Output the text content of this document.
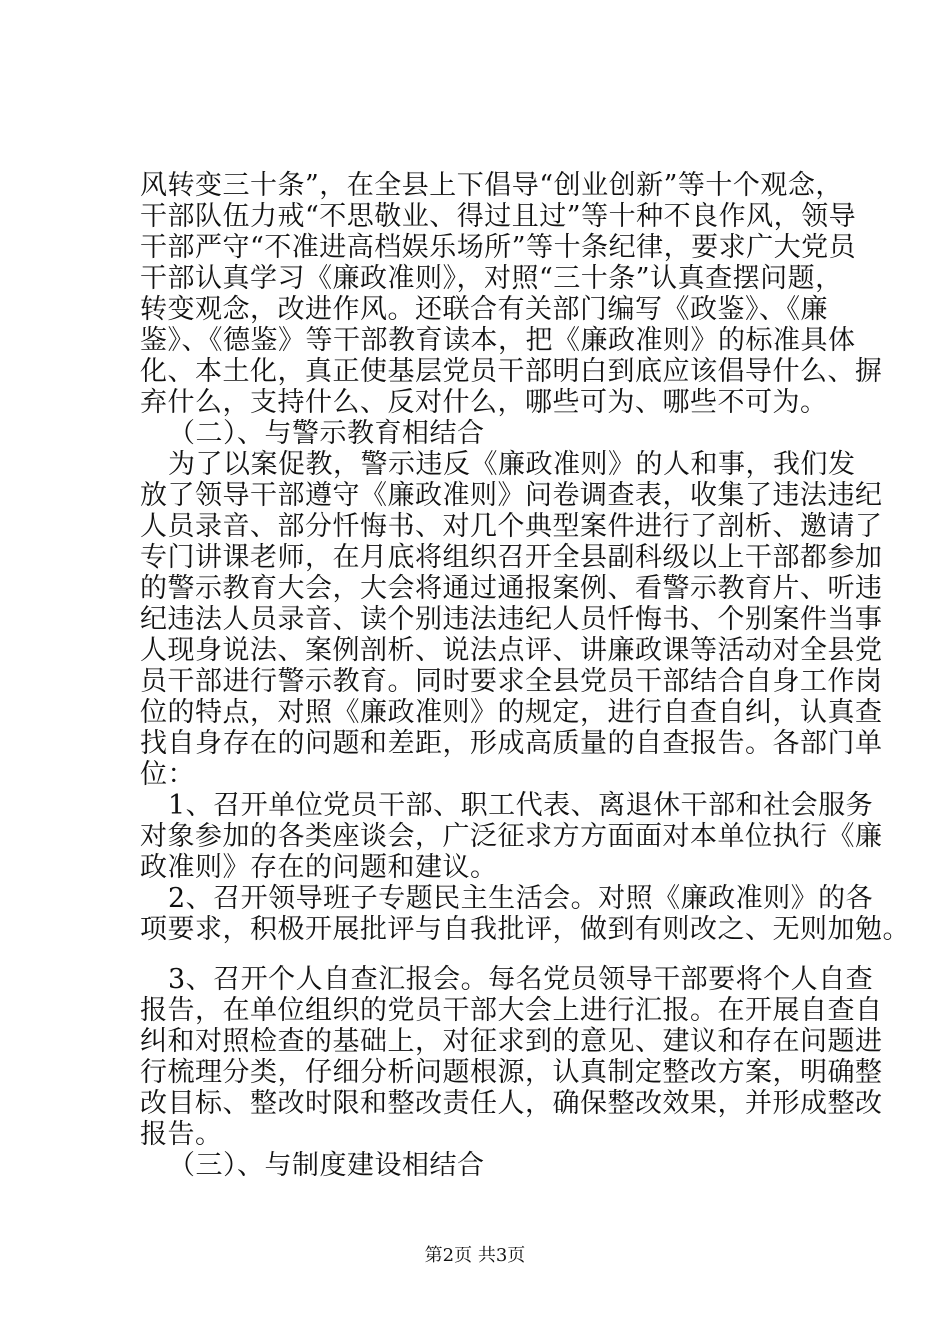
风转变三十条”，在全县上下倡导“创业创新”等十个观念，
干部队伍力戒“不思敬业、得过且过”等十种不良作风，领导
干部严守“不准进高档娱乐场所”等十条纪律，要求广大党员
干部认真学习《廉政准则》，对照“三十条”认真查摆问题，
转变观念，改进作风。还联合有关部门编写《政鉴》、《廉
鉴》、《德鉴》等干部教育读本，把《廉政准则》的标准具体
化、本土化，真正使基层党员干部明白到底应该倡导什么、摒
弃什么，支持什么、反对什么，哪些可为、哪些不可为。
（二）、与警示教育相结合
为了以案促教，警示违反《廉政准则》的人和事，我们发
放了领导干部遵守《廉政准则》问卷调查表，收集了违法违纪
人员录音、部分忏悔书、对几个典型案件进行了剖析、邀请了
专门讲课老师，在月底将组织召开全县副科级以上干部都参加
的警示教育大会，大会将通过通报案例、看警示教育片、听违
纪违法人员录音、读个别违法违纪人员忏悔书、个别案件当事
人现身说法、案例剖析、说法点评、讲廉政课等活动对全县党
员干部进行警示教育。同时要求全县党员干部结合自身工作岗
位的特点，对照《廉政准则》的规定，进行自查自纠，认真查
找自身存在的问题和差距，形成高质量的自查报告。各部门单
位：
1、召开单位党员干部、职工代表、离退休干部和社会服务
对象参加的各类座谈会，广泛征求方方面面对本单位执行《廉
政准则》存在的问题和建议。
2、召开领导班子专题民主生活会。对照《廉政准则》的各
项要求，积极开展批评与自我批评，做到有则改之、无则加勉。
3、召开个人自查汇报会。每名党员领导干部要将个人自查
报告，在单位组织的党员干部大会上进行汇报。在开展自查自
纠和对照检查的基础上，对征求到的意见、建议和存在问题进
行梳理分类，仔细分析问题根源，认真制定整改方案，明确整
改目标、整改时限和整改责任人，确保整改效果，并形成整改
报告。
（三）、与制度建设相结合
第2页 共3页
